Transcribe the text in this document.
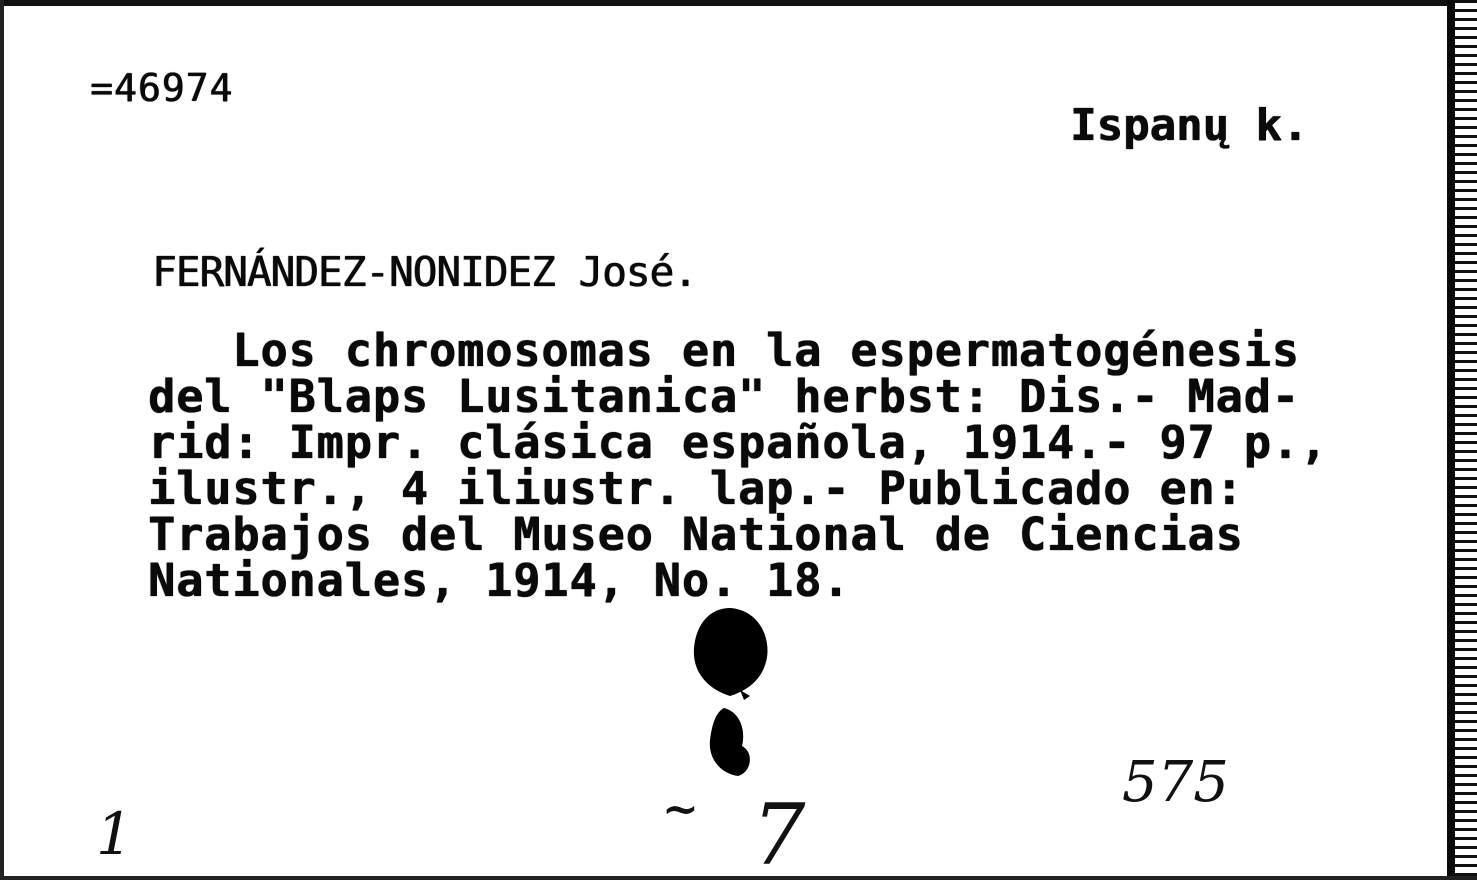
=46974
Ispanų k.
FERNÁNDEZ-NONIDEZ José.
Los chromosomas en la espermatogénesis
del "Blaps Lusitanica" herbst: Dis.- Mad-
rid: Impr. clásica española, 1914.- 97 p.,
ilustr., 4 iliustr. lap.- Publicado en:
Trabajos del Museo National de Ciencias
Nationales, 1914, No. 18.
1	~ 7
575
